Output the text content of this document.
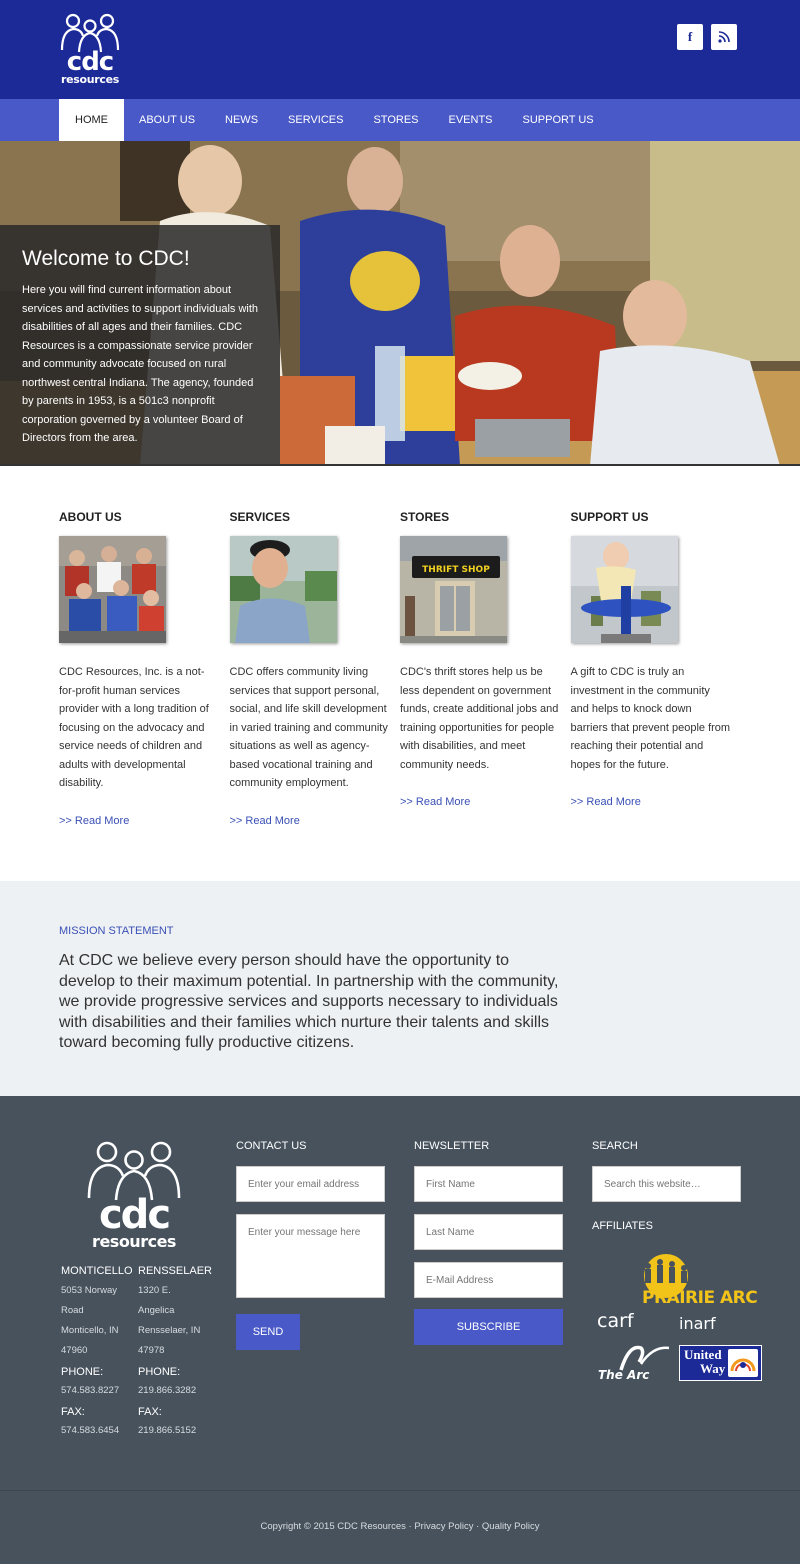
cdc
resources
f
HOME	ABOUT US	NEWS	SERVICES	STORES	EVENTS	SUPPORT US
Welcome to CDC!

Here you will find current information about services and activities to support individuals with disabilities of all ages and their families. CDC Resources is a compassionate service provider and community advocate focused on rural northwest central Indiana. The agency, founded by parents in 1953, is a 501c3 nonprofit corporation governed by a volunteer Board of Directors from the area.

ABOUT US
CDC Resources, Inc. is a not-for-profit human services provider with a long tradition of focusing on the advocacy and service needs of children and adults with developmental disability.
>> Read More
SERVICES
CDC offers community living services that support personal, social, and life skill development in varied training and community situations as well as agency-based vocational training and community employment.
>> Read More
STORES
THRIFT SHOP
CDC's thrift stores help us be less dependent on government funds, create additional jobs and training opportunities for people with disabilities, and meet community needs.
>> Read More
SUPPORT US
A gift to CDC is truly an investment in the community and helps to knock down barriers that prevent people from reaching their potential and hopes for the future.
>> Read More
MISSION STATEMENT
At CDC we believe every person should have the opportunity to develop to their maximum potential. In partnership with the community, we provide progressive services and supports necessary to individuals with disabilities and their families which nurture their talents and skills toward becoming fully productive citizens.
cdc
resources
MONTICELLO
5053 Norway
Road
Monticello, IN
47960
PHONE:
574.583.8227
FAX:
574.583.6454
RENSSELAER
1320 E.
Angelica
Rensselaer, IN
47978
PHONE:
219.866.3282
FAX:
219.866.5152
CONTACT US
Enter your email address
Enter your message here SEND
NEWSLETTER
First Name
Last Name
E-Mail Address SUBSCRIBE
SEARCH
Search this website…
AFFILIATES
PRAIRIE ARC
carf	inarf
The Arc
United
Way
Copyright © 2015 CDC Resources · Privacy Policy · Quality Policy
